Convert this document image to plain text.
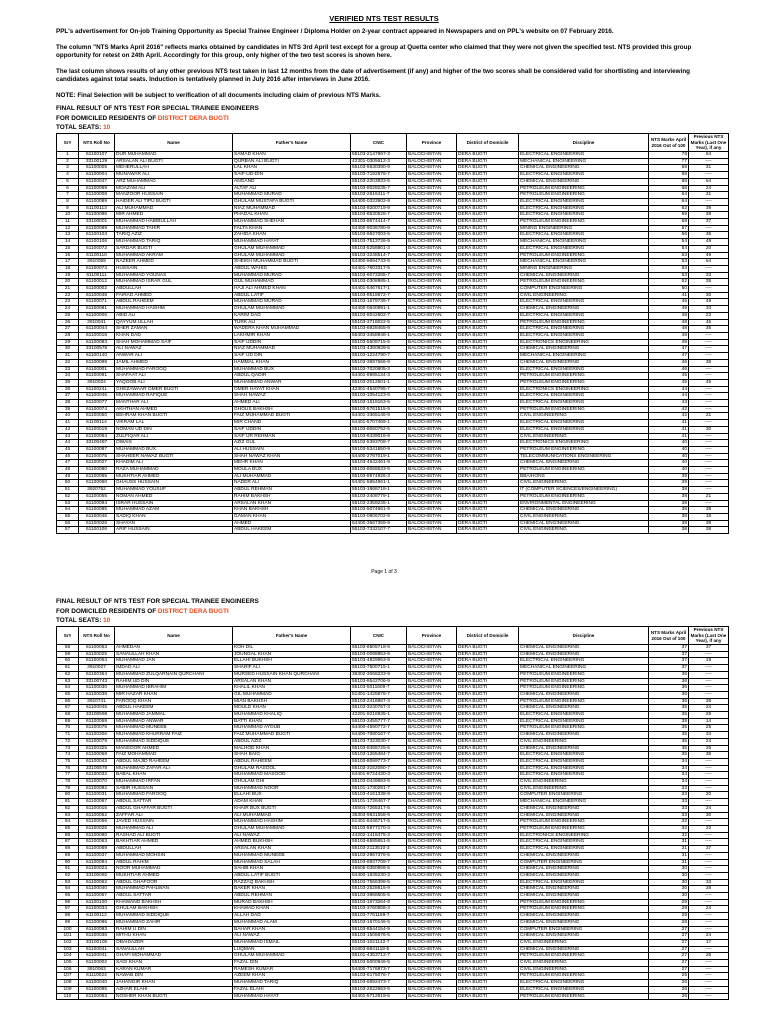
VERIFIED NTS TEST RESULTS
PPL's advertisement for On-job Training Opportunity as Special Trainee Engineer / Diploma Holder on 2-year contract appeared in Newspapers and on PPL's website on 07 February 2016.
The column "NTS Marks April 2016" reflects marks obtained by candidates in NTS 3rd April test except for a group at Quetta center who claimed that they were not given the specified test. NTS provided this group opportunity for retest on 24th April. Accordingly for this group, only higher of the two test scores is shown here.
The last column shows results of any other previous NTS test taken in last 12 months from the date of advertisement (if any) and higher of the two scores shall be considered valid for shortlisting and interviewing candidates against total seats. Induction is tentatively planned in July 2016 after interviews in June 2016.
NOTE: Final Selection will be subject to verification of all documents including claim of previous NTS Marks.
FINAL RESULT OF NTS TEST FOR SPECIAL TRAINEE ENGINEERS
FOR DOMICILED RESIDENTS OF DISTRICT DERA BUGTI
TOTAL SEATS: 10
Sr#	NTS Roll No	Name	Father's Name	CNIC	Province	District of Domicile	Discipline	NTS Marks April 2016 Out of 100	Previous NTS Marks (Last One Year), if any
1	61100107	DUR MUHAMMAD	SAMAD KHAN	55103-2147967-3	BALOCHISTAN	DERA BUGTI	ELECTRICAL ENGINEERING	78	64
2	33100129	ARSALAN ALI BUGTI	QURBAN ALI BUGTI	42301-0305612-3	BALOCHISTAN	DERA BUGTI	MECHANICAL ENGINEERING	77	----
3	61100005	MEHERULLAH	LAL KHAN	55103-5630390-9	BALOCHISTAN	DERA BUGTI	CHEMICAL ENGINEERING	68	31
4	61100004	MUNAWAR ALI	SAIF-UD-DIN	55103-7192576-7	BALOCHISTAN	DERA BUGTI	ELECTRICAL ENGINEERING	68	----
5	61100047	ARZ MUHAMMAD	ANGAND	55103-2203933-5	BALOCHISTAN	DERA BUGTI	CHEMICAL ENGINEERING	66	54
6	61100069	MOAZAM ALI	ALTAF ALI	55103-8028235-7	BALOCHISTAN	DERA BUGTI	PETROLEUM ENGINEERING	66	24
7	61100008	MANZOOR HUSSAIN	MUHAMMAD MURAD	55103-2616411-7	BALOCHISTAN	DERA BUGTI	PETROLEUM ENGINEERING	64	31
8	61100099	HAIDER ALI TIPU BUGTI	GHULAM MUSTAFA BUGTI	54400-0333902-9	BALOCHISTAN	DERA BUGTI	ELECTRICAL ENGINEERING	64	----
9	61100113	ALI MUHAMMAD	NIAZ MUHAMMAD	55103-9200719-9	BALOCHISTAN	DERA BUGTI	ELECTRICAL ENGINEERING	62	39
10	61100096	MIR AHMED	PHADAL KHAN	55103-8530526-7	BALOCHISTAN	DERA BUGTI	ELECTRICAL ENGINEERING	59	38
11	33100001	MUHAMMAD HABIBULLAH	MUHAMMAD SHEHAN	55103-8674414-7	BALOCHISTAN	DERA BUGTI	PETROLEUM ENGINEERING	58	37
12	61100089	MUHAMMAD TAHIR	FALTA KHAN	54400-9036780-9	BALOCHISTAN	DERA BUGTI	MINING ENGINEERING	57	----
13	61100103	TARIQ AZIZ	ZAHIDA KHAN	55103-9627003-5	BALOCHISTAN	DERA BUGTI	ELECTRICAL ENGINEERING	56	35
14	61100106	MUHAMMAD TARIQ	MUHAMMAD HAYAT	55103-7513726-9	BALOCHISTAN	DERA BUGTI	MECHANICAL ENGINEERING	54	49
15	61100072	SARDAR BUGTI	GHULAM MUHAMMAD	55103-5258801-3	BALOCHISTAN	DERA BUGTI	ELECTRICAL ENGINEERING	54	20
16	61100110	MUHAMMAD AKRAM	GHULAM MUHAMMAD	55103-3248514-7	BALOCHISTAN	DERA BUGTI	PETROLEUM ENGINEERING	53	49
17	3910059	NAZEER AHMED	SHEIKH MUHAMMAD BUGTI	54400-9694743-9	BALOCHISTAN	DERA BUGTI	MECHANICAL ENGINEERING	53	54
18	61100073	HUSSAIN	ABDUL WAHID	54401-7603317-5	BALOCHISTAN	DERA BUGTI	MINING ENGINEERING	53	----
19	61100111	MUHAMMAD YOUNAS	MUHAMMAD MURAD	55103-6073285-7	BALOCHISTAN	DERA BUGTI	CHEMICAL ENGINEERING	53	33
20	61100012	MUHAMMAD ISRAR GUL	GUL MUHAMMAD	55103-0308985-1	BALOCHISTAN	DERA BUGTI	PETROLEUM ENGINEERING	52	35
21	61100002	ABDULLAH	HAJI ALI AHMED KHAN	54401-5467617-1	BALOCHISTAN	DERA BUGTI	COMPUTER ENGINEERING	50	----
22	61100048	FAIRAD AHMED	ABDUL LATIF	55103-8518672-7	BALOCHISTAN	DERA BUGTI	CIVIL ENGINEERING	41	30
23	61100071	ABDUL RAHEEM	MUHAMMAD MURAD	55103-1579736-7	BALOCHISTAN	DERA BUGTI	ELECTRICAL ENGINEERING	45	49
24	61100081	MUHAMMAD HASHIM	GHULAM MUHAMMAD	54400-0640991-1	BALOCHISTAN	DERA BUGTI	CHEMICAL ENGINEERING	49	33
25	61100006	ABID ALI	KARIM DAD	55103-8042602-7	BALOCHISTAN	DERA BUGTI	ELECTRICAL ENGINEERING	48	23
26	3910041	QAYYUM ULLAH	TURK ALI	55103-3718022-5	BALOCHISTAN	DERA BUGTI	PETROLEUM ENGINEERING	48	45
27	61100044	SHER ZAMAN	WADERA KHAN MUHAMMAD	55103-6928465-9	BALOCHISTAN	DERA BUGTI	ELECTRICAL ENGINEERING	48	35
28	61100016	KHAN DAD	LAKHMIR KHAN	55403-3458948-1	BALOCHISTAN	DERA BUGTI	ELECTRICAL ENGINEERING	48	----
29	61100083	SHAH MOHAMMAD SAIF	SAIF UDDIN	55103-5508715-5	BALOCHISTAN	DERA BUGTI	ELECTRONICS ENGINEERING	48	----
30	33100576	ALI NAWAZ	NIAZ MUHAMMAD	55103-4360939-5	BALOCHISTAN	DERA BUGTI	CHEMICAL ENGINEERING	47	----
31	61100140	ANWAR ALI	SAIF UD DIN	55103-1224790-7	BALOCHISTAN	DERA BUGTI	MECHANICAL ENGINEERING	47	----
32	61100098	JAMIL AHMED	HAMMAL KHAN	55103-3697666-9	BALOCHISTAN	DERA BUGTI	CHEMICAL ENGINEERING	46	35
33	61100001	MUHAMMAD FAROOQ	MUHAMMAD BUX	55103-7020805-3	BALOCHISTAN	DERA BUGTI	ELECTRICAL ENGINEERING	46	----
34	61100091	SHAFAAT ALI	ABDUL QADIR	54401-8985134-3	BALOCHISTAN	DERA BUGTI	PETROLEUM ENGINEERING	45	----
35	3910024	YAQOOB ALI	MUHAMMAD ANWAR	55103-2012501-1	BALOCHISTAN	DERA BUGTI	PETROLEUM ENGINEERING	45	45
36	61100241	GHEZAWAAR OMER BUGTI	OMER HAYAT KHAN	42301-4540795-7	BALOCHISTAN	DERA BUGTI	ELECTRONICS ENGINEERING	44	----
37	61100046	MUHAMMAD RAFIQUE	SHAH NAWAZ	55103-1054123-9	BALOCHISTAN	DERA BUGTI	ELECTRICAL ENGINEERING	44	----
38	61100077	MANTHAR ALI	AHMED ALI	55103-1618163-5	BALOCHISTAN	DERA BUGTI	ELECTRICAL ENGINEERING	43	----
39	61100074	AKHTHAN AHMED	GHOUS BAKHSH	55103-5761515-9	BALOCHISTAN	DERA BUGTI	PETROLEUM ENGINEERING	42	----
40	61100050	BEHRAM KHAN BUGTI	FAIZ MUHAMMAD BUGTI	54401-3365146-9	BALOCHISTAN	DERA BUGTI	CIVIL ENGINEERING	42	21
41	61100114	VIKRAM LAL	MIR CHAND	54401-5707469-1	BALOCHISTAN	DERA BUGTI	ELECTRICAL ENGINEERING	41	----
42	61100019	NOMAN UD DIN	SAIF UDDIN	55103-8060762-5	BALOCHISTAN	DERA BUGTI	ELECTRICAL ENGINEERING	41	30
43	61100064	ZULFIQAR ALI	SAIF UR REHMAN	55103-6439016-9	BALOCHISTAN	DERA BUGTI	CIVIL ENGINEERING	41	----
44	33100497	OWAIS	AZIZ GUL	55103-5393708-7	BALOCHISTAN	DERA BUGTI	ELECTRONICS ENGINEERING	40	----
45	61100087	MUHAMMAD BUX	ALI HUSSAIN	55103-5341650-9	BALOCHISTAN	DERA BUGTI	PETROLEUM ENGINEERING	40	----
46	61100075	SHAHEER NAWAZ BUGTI	SHAH NAWAZ KHAN	54400-2767019-1	BALOCHISTAN	DERA BUGTI	TELECOMMUNICATIONS ENGINEERING	40	----
47	61100027	KHADIM ALI	MEHR KHAN	55103-4642461-9	BALOCHISTAN	DERA BUGTI	CHEMICAL ENGINEERING	40	----
48	61100080	RAZA MUHAMMAD	MOULA BUX	55103-8068533-9	BALOCHISTAN	DERA BUGTI	PETROLEUM ENGINEERING	40	----
49	61100065	MUKHTIAR AHMED	ALI MUHAMMAD	55103-8674926-3	BALOCHISTAN	DERA BUGTI	BBA/HONS	39	----
50	61100060	GHAUSS HUSSAIN	NADER ALI	54401-5654961-1	BALOCHISTAN	DERA BUGTI	CIVIL ENGINEERING	39	----
51	3920752	MUHAMMAD YOUSUF	ABDUL REHMAN	55103-1668718-1	BALOCHISTAN	DERA BUGTI	IT (COMPUTER SCIENCES/ENGINEERING)	38	----
52	61100055	NOMAN AHMED	RAHIM BAKHSH	55103-2408779-1	BALOCHISTAN	DERA BUGTI	PETROLEUM ENGINEERING	38	21
53	61100094	ISRAR HUSSAIN	ARSALAN KHAN	55103-2359245-1	BALOCHISTAN	DERA BUGTI	ENVIRONMENTAL ENGINEERING	38	----
54	61100085	MUHAMMAD AZAM	KHAN BAKHSH	55103-5074661-9	BALOCHISTAN	DERA BUGTI	CHEMICAL ENGINEERING	38	38
55	61100046	SADIQ KHAN	GAMAN KHAN	55103-0806702-9	BALOCHISTAN	DERA BUGTI	CIVIL ENGINEERING	38	18
56	61100026	SHAYAN	AHMED	54400-3567369-9	BALOCHISTAN	DERA BUGTI	CHEMICAL ENGINEERING	38	38
57	61100106	ARIF HUSSAIN	ABDUL HAKEEM	55103-7332107-7	BALOCHISTAN	DERA BUGTI	CIVIL ENGINEERING	38	38
Page 1 of 3
FINAL RESULT OF NTS TEST FOR SPECIAL TRAINEE ENGINEERS
FOR DOMICILED RESIDENTS OF DISTRICT DERA BUGTI
TOTAL SEATS: 10
Sr#	NTS Roll No	Name	Father's Name	CNIC	Province	District of Domicile	Discipline	NTS Marks April 2016 Out of 100	Previous NTS Marks (Last One Year), if any
58	61100053	AHMEDAN	KOH DIL	55103-8505718-9	BALOCHISTAN	DERA BUGTI	CHEMICAL ENGINEERING	37	37
59	61100025	SANAULLAH KHAN	JOUNGAL KHAN	55103-0098853-9	BALOCHISTAN	DERA BUGTI	CHEMICAL ENGINEERING	37	----
60	61100054	MUHAMMAD JAN	ELLAHI BUKHSH	55103-4829953-9	BALOCHISTAN	DERA BUGTI	ELECTRICAL ENGINEERING	37	19
61	3910027	IMDAD ALI	SHARIF ALI	55103-7500715-1	BALOCHISTAN	DERA BUGTI	MECHANICAL ENGINEERING	37	----
62	61100364	MUHAMMAD ZULQARNAIN QURCHANI	MURSED HUSSAIN KHAN QURCHANI	36302-3068233-9	BALOCHISTAN	DERA BUGTI	PETROLEUM ENGINEERING	36	----
63	33100743	RAHIM UD DIN	ARSALAN KHAN	55103-8542706-9	BALOCHISTAN	DERA BUGTI	PETROLEUM ENGINEERING	36	----
64	61100030	MUHAMMAD IBRAHIM	KHALIL KHAN	55103-5011609-7	BALOCHISTAN	DERA BUGTI	PETROLEUM ENGINEERING	36	----
65	61100038	MIR HAZAR KHAN	GIL MUHAMMAD	51401-1425876-7	BALOCHISTAN	DERA BUGTI	CHEMICAL ENGINEERING	36	----
66	3910741	FAROOQ KHAN	MIAN BAKHSH	55103-2416987-3	BALOCHISTAN	DERA BUGTI	PETROLEUM ENGINEERING	36	36
67	61100045	ABDUL HAKEEM	MOULD KHAN	55103-3240767-3	BALOCHISTAN	DERA BUGTI	CHEMICAL ENGINEERING	35	24
68	33100598	MUHAMMAD JAMMAL	MUHAMMAD KHALIQ	42201-9216935-1	BALOCHISTAN	DERA BUGTI	ELECTRICAL ENGINEERING	35	25
69	61100058	MUHAMMAD ANWAR	BATTI KHAN	55103-3455777-7	BALOCHISTAN	DERA BUGTI	ELECTRICAL ENGINEERING	35	14
70	61100076	MUHAMMAD MUNEEB	MUHAMMAD AYOUB	54400-4590772-7	BALOCHISTAN	DERA BUGTI	PETROLEUM ENGINEERING	35	25
71	61100306	MUHAMMAD KHURRAM FAIZ	FAIZ MUHAMMAD BUGTI	54400-7080167-7	BALOCHISTAN	DERA BUGTI	CHEMICAL ENGINEERING	35	34
72	61100079	MUHAMMAD SIDDIQUE	ABDUL AZIZ	55103-7323030-7	BALOCHISTAN	DERA BUGTI	CIVIL ENGINEERING	35	24
73	61100325	MANSOOR AHMED	MALHOD KHAN	55103-8455725-5	BALOCHISTAN	DERA BUGTI	CHEMICAL ENGINEERING	35	25
74	61100068	FAIZ MOHAMMAD	SHAH BAIG	55103-1265484-7	BALOCHISTAN	DERA BUGTI	ELECTRICAL ENGINEERING	35	35
75	61100043	ABDUL MAJID RAHEEM	ABDUL RAHEEM	55103-8089773-7	BALOCHISTAN	DERA BUGTI	ELECTRICAL ENGINEERING	34	----
76	33100578	MUHAMMAD ZAFAR ALI	GHULAM RASOOL	55103-3152080-7	BALOCHISTAN	DERA BUGTI	ELECTRICAL ENGINEERING	34	----
77	61100032	BABAL KHAN	MUHAMMAD MASOOD	54401-8724430-3	BALOCHISTAN	DERA BUGTI	ELECTRICAL ENGINEERING	34	----
78	61100070	MUHAMMAD IRFAN	GHULAM GHI	55103-0449693-9	BALOCHISTAN	DERA BUGTI	CIVIL ENGINEERING	34	----
79	61100092	SABIR HUSSAIN	MUHAMMAD NOOR	55101-1730281-7	BALOCHISTAN	DERA BUGTI	CIVIL ENGINEERING	33	----
80	61100031	MUHAMMAD FAROOQ	ELLAHI BUX	55103-4161338-9	BALOCHISTAN	DERA BUGTI	COMPUTER ENGINEERING	33	20
81	61100067	ABDUL SATTAR	ADAM KHAN	55101-1726467-7	BALOCHISTAN	DERA BUGTI	MECHANICAL ENGINEERING	33	----
82	61100015	ABDUL GHAFFAR BUGTI	KHAIR BUX BUGTI	45504-7265317-5	BALOCHISTAN	DERA BUGTI	CHEMICAL ENGINEERING	33	24
83	61100052	ZAFFAR ALI	ALI MUHAMMAD	36303-9831558-9	BALOCHISTAN	DERA BUGTI	CHEMICAL ENGINEERING	33	30
84	61100056	JAVED HUSSAIN	MUHAMMAD HASHIM	51401-6446717-5	BALOCHISTAN	DERA BUGTI	PETROLEUM ENGINEERING	32	----
85	61100026	MUHAMMAD ALI	GHULAM MUHAMMAD	55103-5977170-3	BALOCHISTAN	DERA BUGTI	PETROLEUM ENGINEERING	32	22
86	61100090	RASHAD ALI BUGTI	ALI NAWAZ	44202-1415475-3	BALOCHISTAN	DERA BUGTI	ELECTRONICS ENGINEERING	32	----
87	61100063	BAKHTIAR AHMED	AHMED BUKHSH	55103-6585651-5	BALOCHISTAN	DERA BUGTI	ELECTRICAL ENGINEERING	31	----
88	61100059	ABDULLAH	ARSALAN KHAN	55103-2113510-3	BALOCHISTAN	DERA BUGTI	ELECTRICAL ENGINEERING	31	37
89	61100037	MUHAMMAD MOHSIN	MUHAMMAD MUNEEB	55103-2967376-5	BALOCHISTAN	DERA BUGTI	CHEMICAL ENGINEERING	31	----
90	61100094	ABDUL RAHIM	MUHAMMAD SALAH	55103-6937709-7	BALOCHISTAN	DERA BUGTI	COMPUTER ENGINEERING	31	----
91	61100023	NOOR MUHAMMAD	SAHIB KHAN	45505-0360858-5	BALOCHISTAN	DERA BUGTI	CHEMICAL ENGINEERING	30	----
92	33100092	MUKHTIAR AHMED	ABDUL LATIF BUGTI	54400-1635230-3	BALOCHISTAN	DERA BUGTI	CHEMICAL ENGINEERING	30	----
93	61100062	ABDUL GHAFOOR	RAZZAQ BAKHSH	55103-7566398-5	BALOCHISTAN	DERA BUGTI	ELECTRICAL ENGINEERING	30	33
94	61100040	MUHAMMAD PAHLWAN	BAKER KHAN	55103-2528616-9	BALOCHISTAN	DERA BUGTI	CHEMICAL ENGINEERING	30	28
95	61100057	ABDUL SATTAR	ABDUL REHMAN	55103-3868605-5	BALOCHISTAN	DERA BUGTI	CHEMICAL ENGINEERING	30	----
96	61100100	KHAWAND BAKHSH	MURAD BAKHSH	55103-1673264-9	BALOCHISTAN	DERA BUGTI	PETROLEUM ENGINEERING	29	----
97	61100034	GHULAM BAKHSH	KHAWAD KHAN	55103-3760558-3	BALOCHISTAN	DERA BUGTI	PETROLEUM ENGINEERING	29	24
98	61100112	MUHAMMAD SIDDIQUE	ALLAH DAD	55103-7761159-7	BALOCHISTAN	DERA BUGTI	CHEMICAL ENGINEERING	29	----
99	61100086	MUHAMMAD ZAHIR	MUHAMMAD ALAM	55103-1670146-5	BALOCHISTAN	DERA BUGTI	CHEMICAL ENGINEERING	28	----
100	61100093	RAHIM U DIN	BAHAR KHAN	55103-8544154-9	BALOCHISTAN	DERA BUGTI	COMPUTER ENGINEERING	27	----
101	61100036	MITHU KHAN	ALI NAWAZ	55103-1506676-5	BALOCHISTAN	DERA BUGTI	CHEMICAL ENGINEERING	27	24
102	33100105	OBAIDAZER	MUHAMMAD ISMAIL	55103-1021142-7	BALOCHISTAN	DERA BUGTI	CIVIL ENGINEERING	27	17
103	61100041	SANAULLAH	LUQMAN	51603-6841118-5	BALOCHISTAN	DERA BUGTI	CHEMICAL ENGINEERING	27	----
104	61100041	GHAFI MOHAMMAD	GHULAM MUHAMMAD	55101-4353712-7	BALOCHISTAN	DERA BUGTI	PETROLEUM ENGINEERING	27	26
105	61100002	SAGI KHAN	FAZAL DIN	55103-5000946-5	BALOCHISTAN	DERA BUGTI	CIVIL ENGINEERING	27	----
106	3910063	KARAN KUMAR	RAMESH KUMAR	54400-7176873-7	BALOCHISTAN	DERA BUGTI	CIVIL ENGINEERING	27	----
107	61110024	NAWAB DIN	AZEEM KHAN	55103-6175076-7	BALOCHISTAN	DERA BUGTI	PETROLEUM ENGINEERING	26	----
108	61100040	JAHANGIR KHAN	MUHAMMAD TARIQ	55103-6692473-7	BALOCHISTAN	DERA BUGTI	ELECTRICAL ENGINEERING	26	----
109	61100095	AZHAR ELAHI	FAZAL ELAHI	55103-2622663-9	BALOCHISTAN	DERA BUGTI	ELECTRICAL ENGINEERING	26	----
110	61100053	NOSHER KHAN BUGTI	MUHAMMAD HAYAT	54401-5712619-5	BALOCHISTAN	DERA BUGTI	PETROLEUM ENGINEERING	26	----
